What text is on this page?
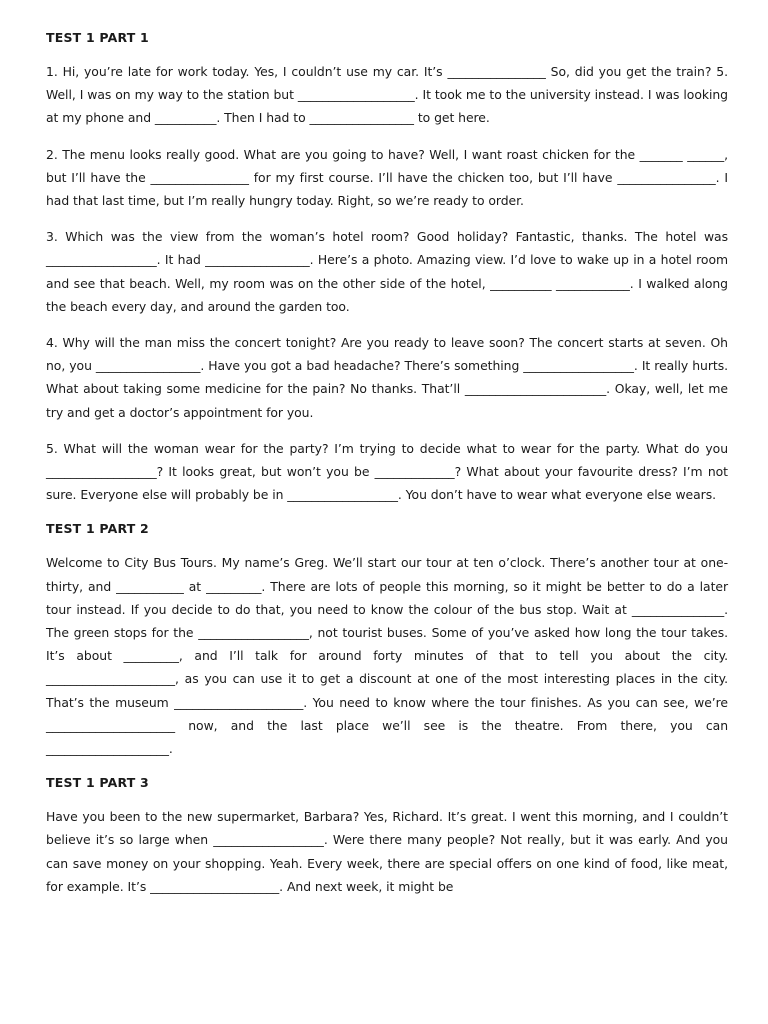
TEST 1 PART 1

1. Hi, you’re late for work today. Yes, I couldn’t use my car. It’s ________________ So, did you get the train? 5. Well, I was on my way to the station but ___________________. It took me to the university instead. I was looking at my phone and __________. Then I had to _________________ to get here.

2. The menu looks really good. What are you going to have? Well, I want roast chicken for the _______ ______, but I’ll have the ________________ for my first course. I’ll have the chicken too, but I’ll have ________________. I had that last time, but I’m really hungry today. Right, so we’re ready to order.

3. Which was the view from the woman’s hotel room? Good holiday? Fantastic, thanks. The hotel was __________________. It had _________________. Here’s a photo. Amazing view. I’d love to wake up in a hotel room and see that beach. Well, my room was on the other side of the hotel, __________ ____________. I walked along the beach every day, and around the garden too.

4. Why will the man miss the concert tonight? Are you ready to leave soon? The concert starts at seven. Oh no, you _________________. Have you got a bad headache? There’s something __________________. It really hurts. What about taking some medicine for the pain? No thanks. That’ll _______________________. Okay, well, let me try and get a doctor’s appointment for you.

5. What will the woman wear for the party? I’m trying to decide what to wear for the party. What do you __________________? It looks great, but won’t you be _____________? What about your favourite dress? I’m not sure. Everyone else will probably be in __________________. You don’t have to wear what everyone else wears.

TEST 1 PART 2

Welcome to City Bus Tours. My name’s Greg. We’ll start our tour at ten o’clock. There’s another tour at one-thirty, and ___________ at _________. There are lots of people this morning, so it might be better to do a later tour instead. If you decide to do that, you need to know the colour of the bus stop. Wait at _______________. The green stops for the __________________, not tourist buses. Some of you’ve asked how long the tour takes. It’s about _________, and I’ll talk for around forty minutes of that to tell you about the city. _____________________, as you can use it to get a discount at one of the most interesting places in the city. That’s the museum _____________________. You need to know where the tour finishes. As you can see, we’re _____________________ now, and the last place we’ll see is the theatre. From there, you can ____________________.

TEST 1 PART 3

Have you been to the new supermarket, Barbara? Yes, Richard. It’s great. I went this morning, and I couldn’t believe it’s so large when __________________. Were there many people? Not really, but it was early. And you can save money on your shopping. Yeah. Every week, there are special offers on one kind of food, like meat, for example. It’s _____________________. And next week, it might be
